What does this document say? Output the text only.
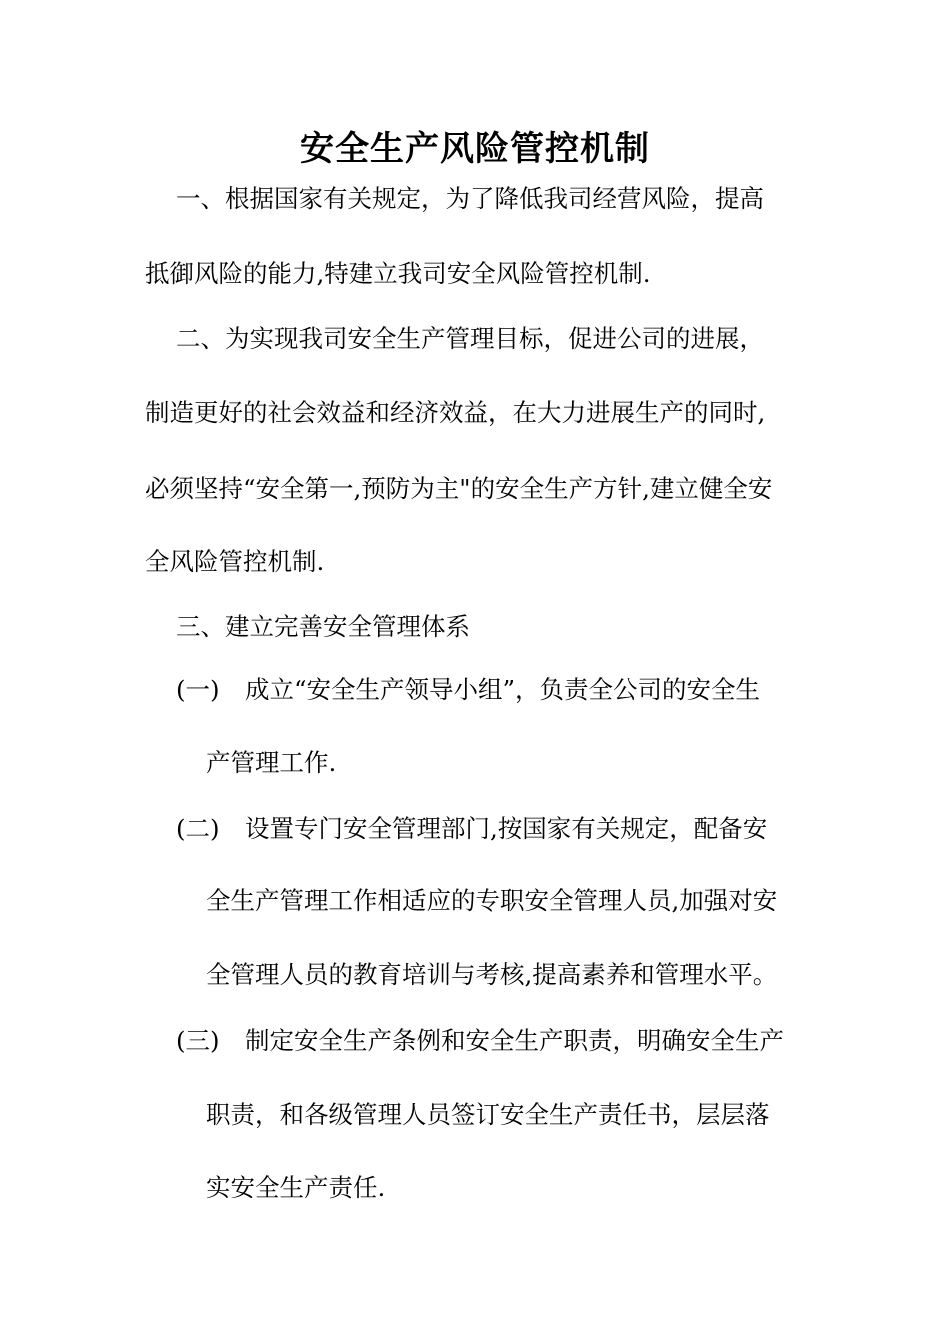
安全生产风险管控机制
一、根据国家有关规定，为了降低我司经营风险，提高
抵御风险的能力,特建立我司安全风险管控机制.
二、为实现我司安全生产管理目标，促进公司的进展，
制造更好的社会效益和经济效益，在大力进展生产的同时,
必须坚持“安全第一,预防为主"的安全生产方针,建立健全安
全风险管控机制.
三、建立完善安全管理体系
(一) 成立“安全生产领导小组”，负责全公司的安全生
产管理工作.
(二) 设置专门安全管理部门,按国家有关规定，配备安
全生产管理工作相适应的专职安全管理人员,加强对安
全管理人员的教育培训与考核,提高素养和管理水平。
(三) 制定安全生产条例和安全生产职责，明确安全生产
职责，和各级管理人员签订安全生产责任书，层层落
实安全生产责任.
